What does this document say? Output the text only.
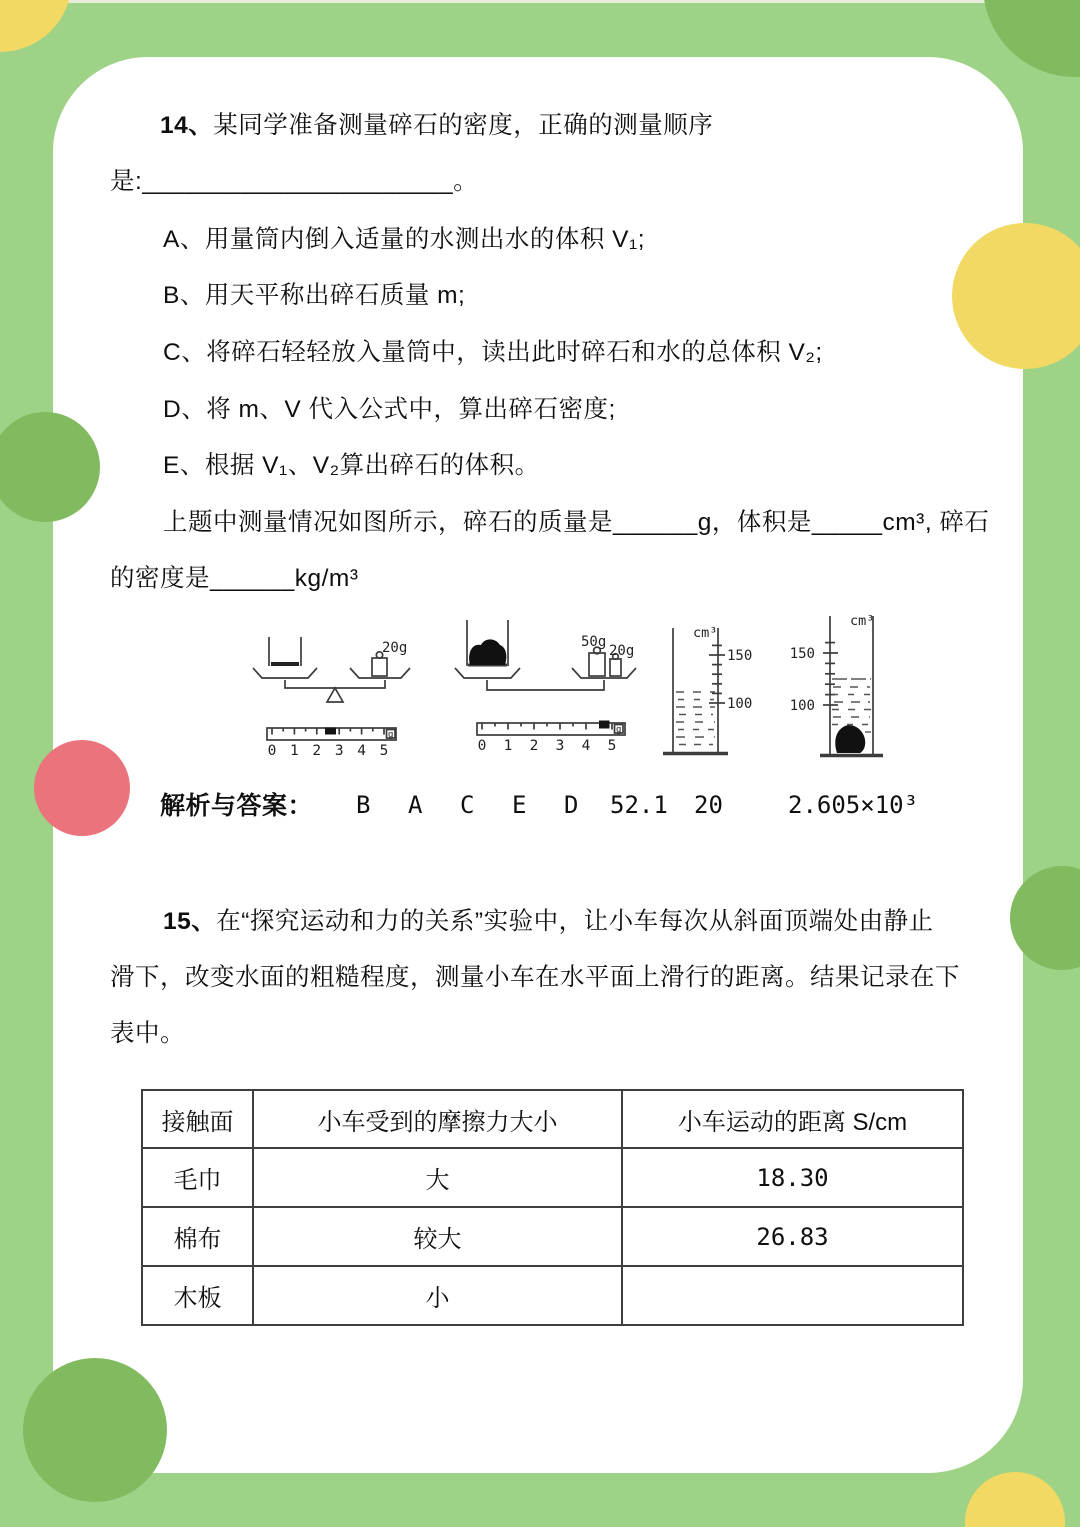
14、某同学准备测量碎石的密度，正确的测量顺序
是:______________________。
A、用量筒内倒入适量的水测出水的体积 V₁;
B、用天平称出碎石质量 m;
C、将碎石轻轻放入量筒中，读出此时碎石和水的总体积 V₂;
D、将 m、V 代入公式中，算出碎石密度;
E、根据 V₁、V₂算出碎石的体积。
上题中测量情况如图所示，碎石的质量是______g，体积是_____cm³, 碎石
的密度是______kg/m³
20g	50g
20g
0 1 2 3 4 5
g
0 1 2 3 4 5
g
cm³
150
100
cm³
150
100
解析与答案： B A C E D 52.1 20	2.605×10³
15、在“探究运动和力的关系”实验中，让小车每次从斜面顶端处由静止
滑下，改变水面的粗糙程度，测量小车在水平面上滑行的距离。结果记录在下
表中。
接触面	小车受到的摩擦力大小	小车运动的距离 S/cm
毛巾	大	18.30
棉布	较大	26.83
木板	小	
